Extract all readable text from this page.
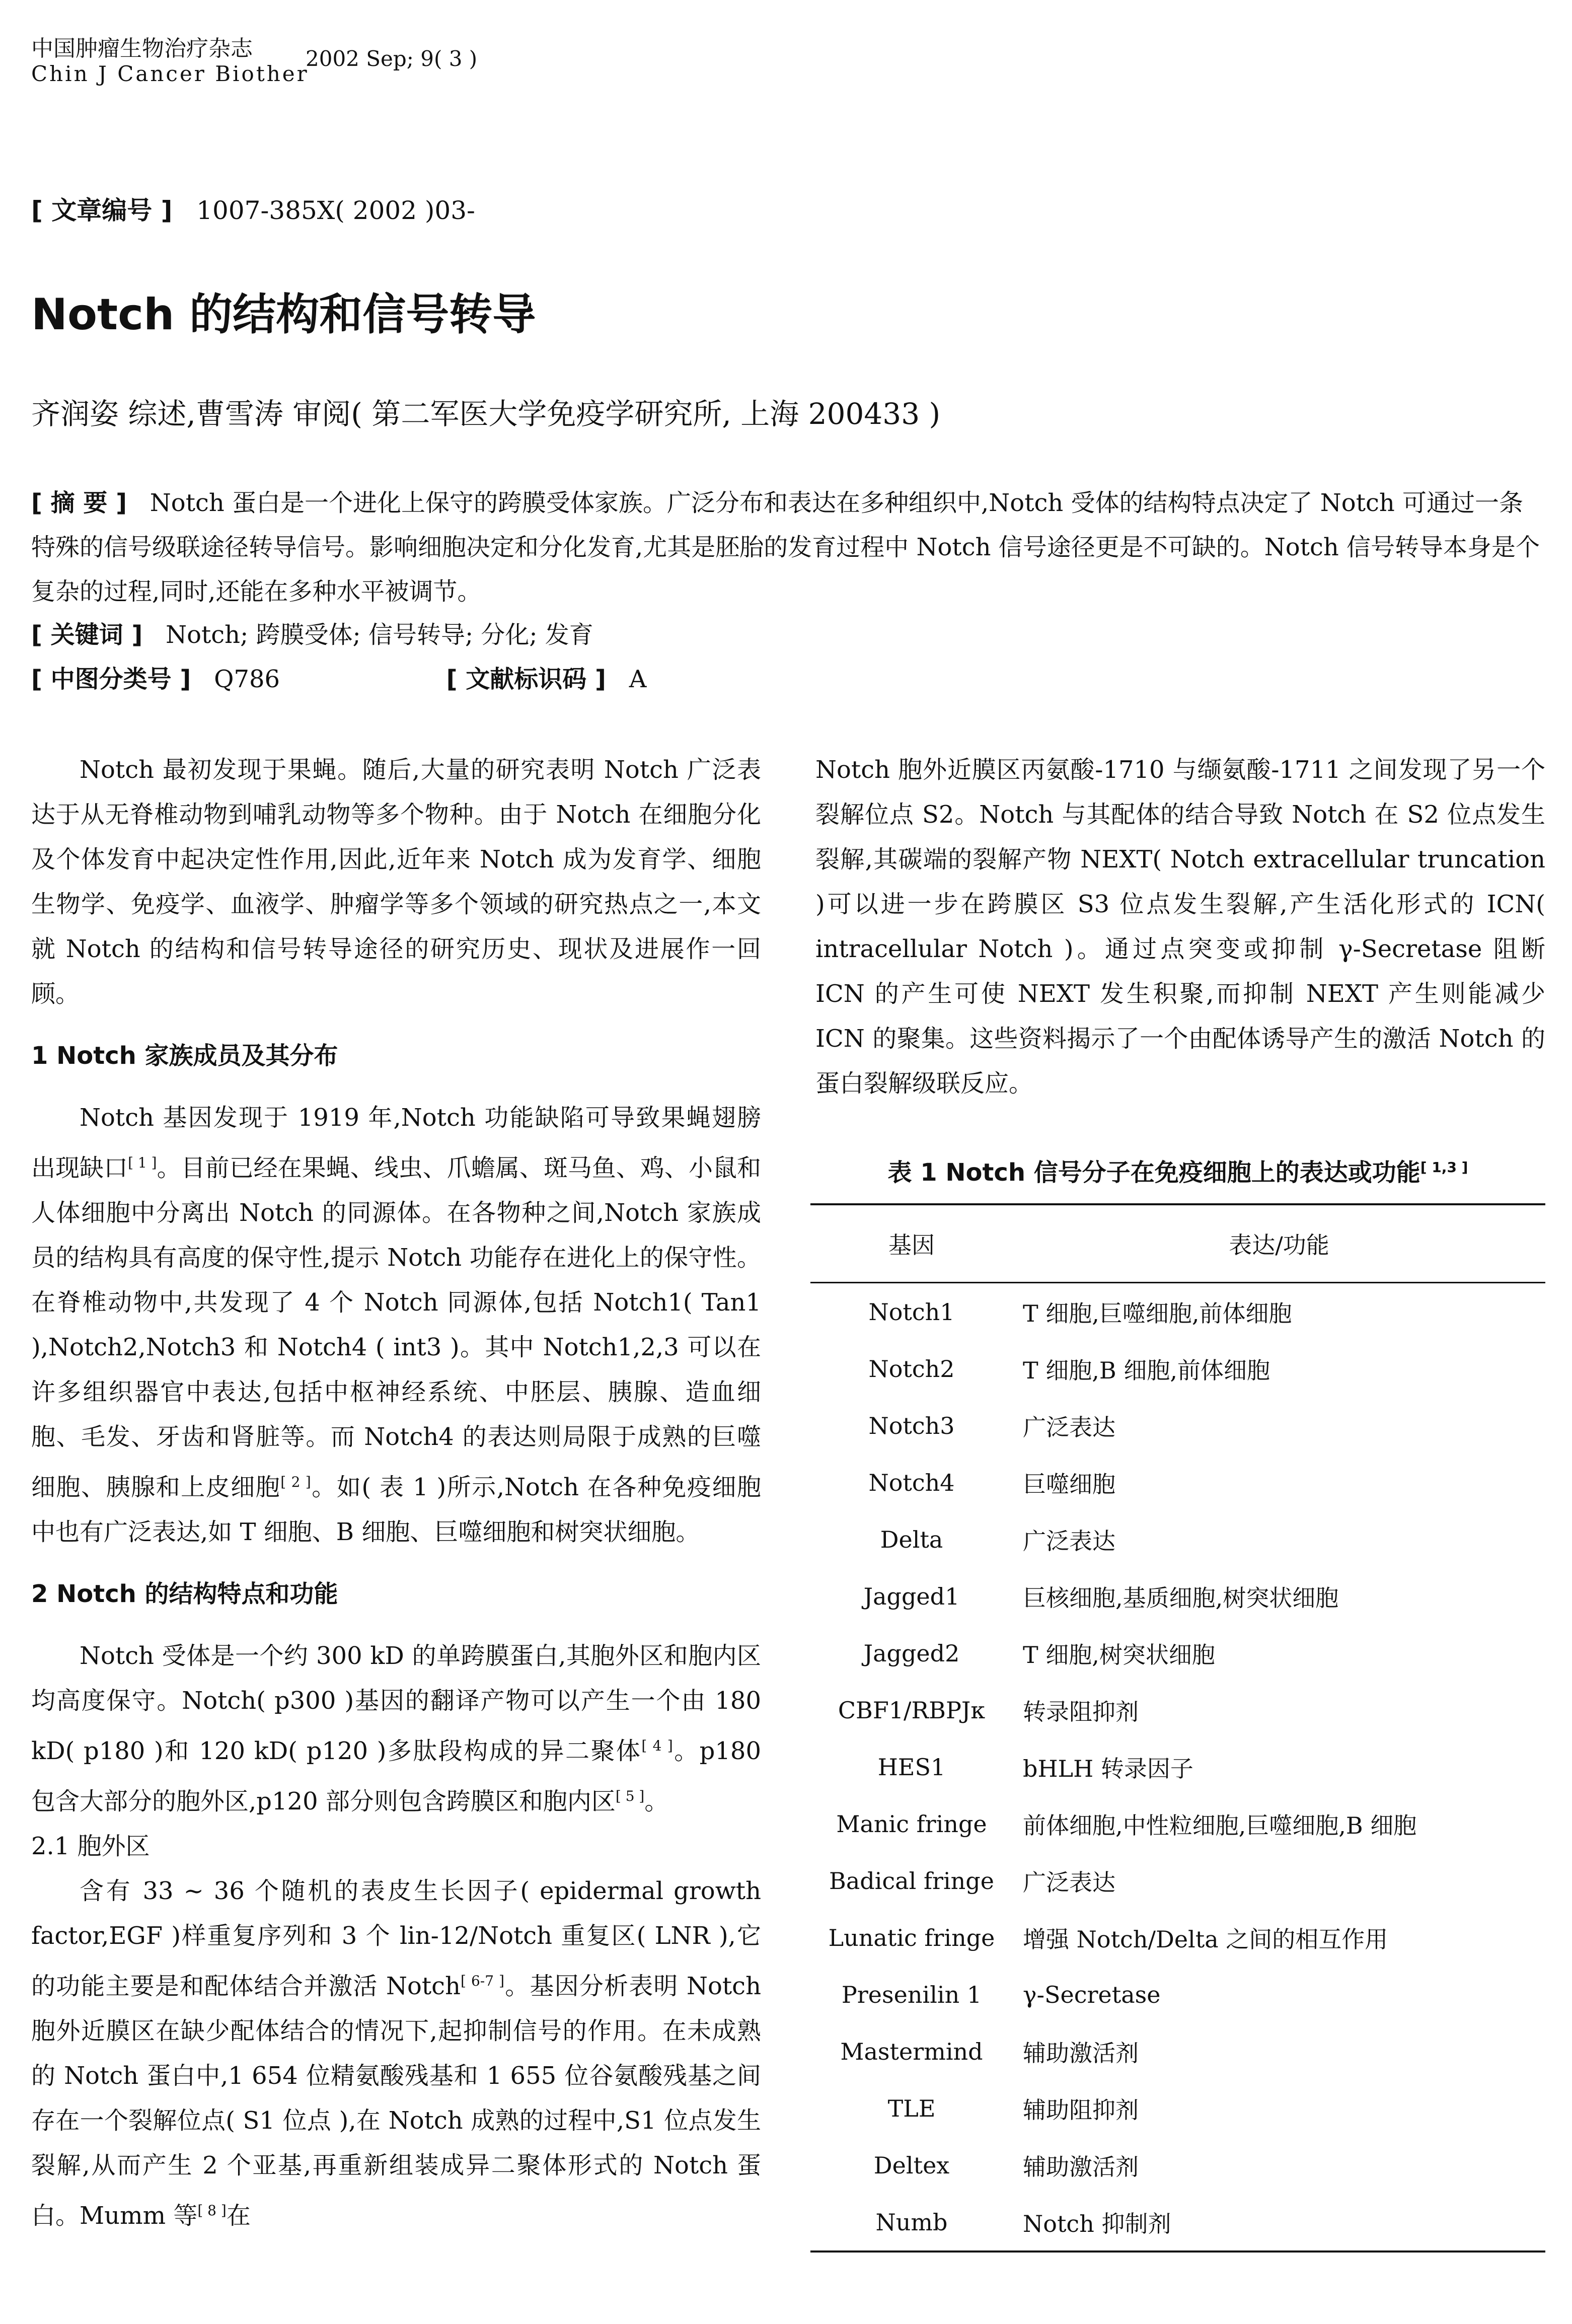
中国肿瘤生物治疗杂志
Chin J Cancer Biother
2002 Sep; 9( 3 )
[ 文章编号 ] 1007-385X( 2002 )03-
Notch 的结构和信号转导
齐润姿 综述,曹雪涛 审阅( 第二军医大学免疫学研究所, 上海 200433 )
[ 摘 要 ] Notch 蛋白是一个进化上保守的跨膜受体家族。广泛分布和表达在多种组织中,Notch 受体的结构特点决定了 Notch 可通过一条特殊的信号级联途径转导信号。影响细胞决定和分化发育,尤其是胚胎的发育过程中 Notch 信号途径更是不可缺的。Notch 信号转导本身是个复杂的过程,同时,还能在多种水平被调节。
[ 关键词 ] Notch; 跨膜受体; 信号转导; 分化; 发育
[ 中图分类号 ] Q786	[ 文献标识码 ] A

Notch 最初发现于果蝇。随后,大量的研究表明 Notch 广泛表达于从无脊椎动物到哺乳动物等多个物种。由于 Notch 在细胞分化及个体发育中起决定性作用,因此,近年来 Notch 成为发育学、细胞生物学、免疫学、血液学、肿瘤学等多个领域的研究热点之一,本文就 Notch 的结构和信号转导途径的研究历史、现状及进展作一回顾。

1 Notch 家族成员及其分布

Notch 基因发现于 1919 年,Notch 功能缺陷可导致果蝇翅膀出现缺口[ 1 ]。目前已经在果蝇、线虫、爪蟾属、斑马鱼、鸡、小鼠和人体细胞中分离出 Notch 的同源体。在各物种之间,Notch 家族成员的结构具有高度的保守性,提示 Notch 功能存在进化上的保守性。在脊椎动物中,共发现了 4 个 Notch 同源体,包括 Notch1( Tan1 ),Notch2,Notch3 和 Notch4 ( int3 )。其中 Notch1,2,3 可以在许多组织器官中表达,包括中枢神经系统、中胚层、胰腺、造血细胞、毛发、牙齿和肾脏等。而 Notch4 的表达则局限于成熟的巨噬细胞、胰腺和上皮细胞[ 2 ]。如( 表 1 )所示,Notch 在各种免疫细胞中也有广泛表达,如 T 细胞、B 细胞、巨噬细胞和树突状细胞。

2 Notch 的结构特点和功能

Notch 受体是一个约 300 kD 的单跨膜蛋白,其胞外区和胞内区均高度保守。Notch( p300 )基因的翻译产物可以产生一个由 180 kD( p180 )和 120 kD( p120 )多肽段构成的异二聚体[ 4 ]。p180 包含大部分的胞外区,p120 部分则包含跨膜区和胞内区[ 5 ]。

2.1 胞外区

含有 33 ~ 36 个随机的表皮生长因子( epidermal growth factor,EGF )样重复序列和 3 个 lin-12/Notch 重复区( LNR ),它的功能主要是和配体结合并激活 Notch[ 6-7 ]。基因分析表明 Notch 胞外近膜区在缺少配体结合的情况下,起抑制信号的作用。在未成熟的 Notch 蛋白中,1 654 位精氨酸残基和 1 655 位谷氨酸残基之间存在一个裂解位点( S1 位点 ),在 Notch 成熟的过程中,S1 位点发生裂解,从而产生 2 个亚基,再重新组装成异二聚体形式的 Notch 蛋白。Mumm 等[ 8 ]在

Notch 胞外近膜区丙氨酸-1710 与缬氨酸-1711 之间发现了另一个裂解位点 S2。Notch 与其配体的结合导致 Notch 在 S2 位点发生裂解,其碳端的裂解产物 NEXT( Notch extracellular truncation )可以进一步在跨膜区 S3 位点发生裂解,产生活化形式的 ICN( intracellular Notch )。通过点突变或抑制 γ-Secretase 阻断 ICN 的产生可使 NEXT 发生积聚,而抑制 NEXT 产生则能减少 ICN 的聚集。这些资料揭示了一个由配体诱导产生的激活 Notch 的蛋白裂解级联反应。

表 1 Notch 信号分子在免疫细胞上的表达或功能[ 1,3 ]
基因	表达/功能
Notch1	T 细胞,巨噬细胞,前体细胞
Notch2	T 细胞,B 细胞,前体细胞
Notch3	广泛表达
Notch4	巨噬细胞
Delta	广泛表达
Jagged1	巨核细胞,基质细胞,树突状细胞
Jagged2	T 细胞,树突状细胞
CBF1/RBPJκ	转录阻抑剂
HES1	bHLH 转录因子
Manic fringe	前体细胞,中性粒细胞,巨噬细胞,B 细胞
Badical fringe	广泛表达
Lunatic fringe	增强 Notch/Delta 之间的相互作用
Presenilin 1	γ-Secretase
Mastermind	辅助激活剂
TLE	辅助阻抑剂
Deltex	辅助激活剂
Numb	Notch 抑制剂
